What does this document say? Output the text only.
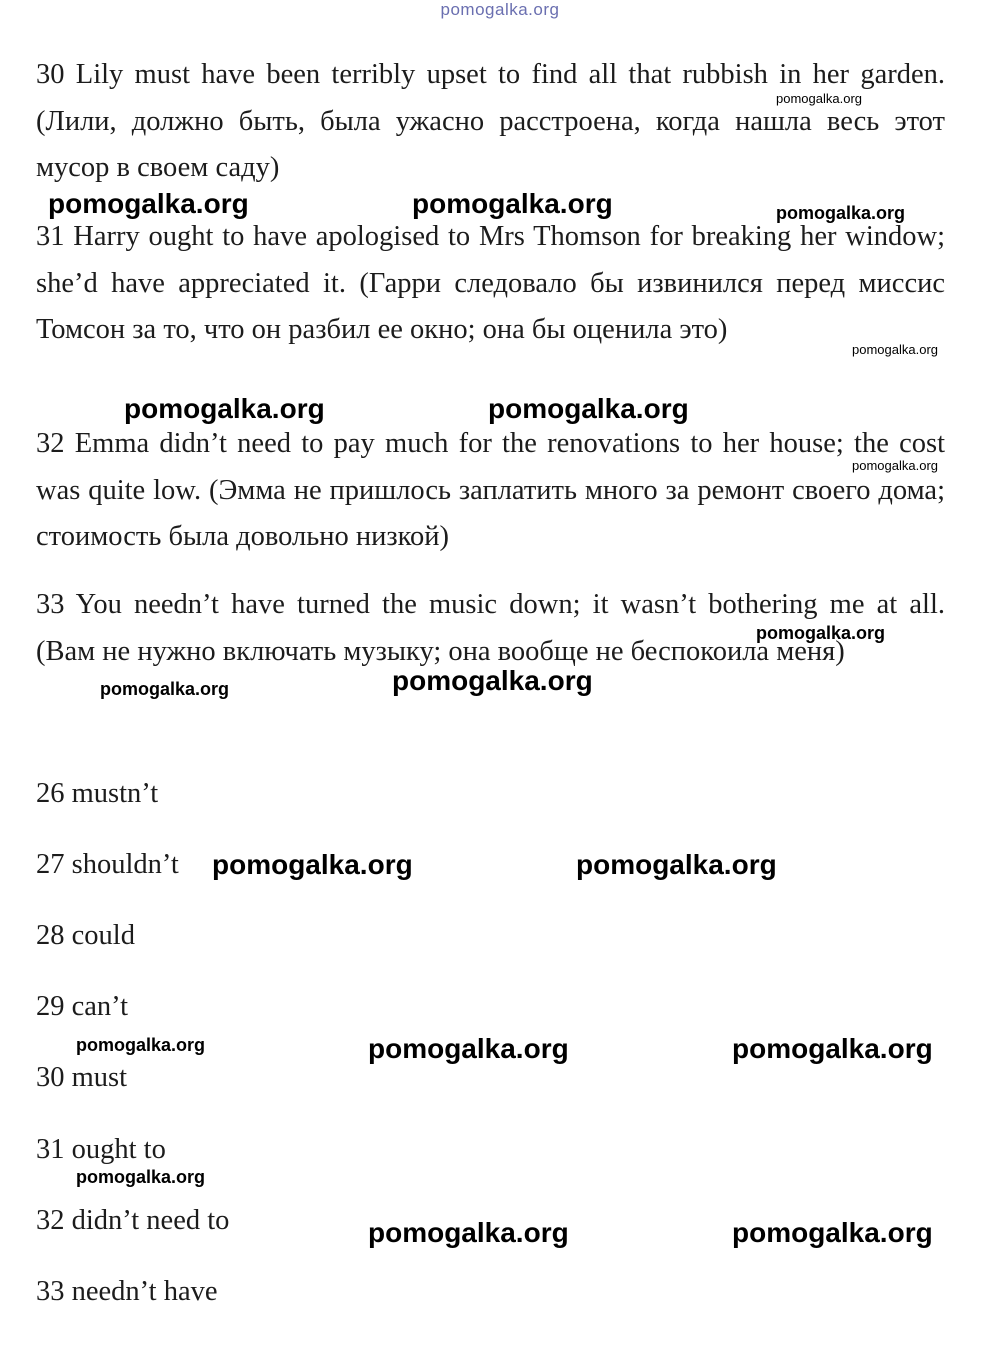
pomogalka.org
30 Lily must have been terribly upset to find all that rubbish in her garden. (Лили, должно быть, была ужасно расстроена, когда нашла весь этот мусор в своем саду)
31 Harry ought to have apologised to Mrs Thomson for breaking her window; she’d have appreciated it. (Гарри следовало бы извинился перед миссис Томсон за то, что он разбил ее окно; она бы оценила это)
32 Emma didn’t need to pay much for the renovations to her house; the cost was quite low. (Эмма не пришлось заплатить много за ремонт своего дома; стоимость была довольно низкой)
33 You needn’t have turned the music down; it wasn’t bothering me at all. (Вам не нужно включать музыку; она вообще не беспокоила меня)
26 mustn’t
27 shouldn’t
28 could
29 can’t
30 must
31 ought to
32 didn’t need to
33 needn’t have
pomogalka.org
pomogalka.org	pomogalka.org	pomogalka.org
pomogalka.org
pomogalka.org	pomogalka.org
pomogalka.org
pomogalka.org
pomogalka.org
pomogalka.org
pomogalka.org	pomogalka.org
pomogalka.org	pomogalka.org	pomogalka.org
pomogalka.org
pomogalka.org	pomogalka.org
